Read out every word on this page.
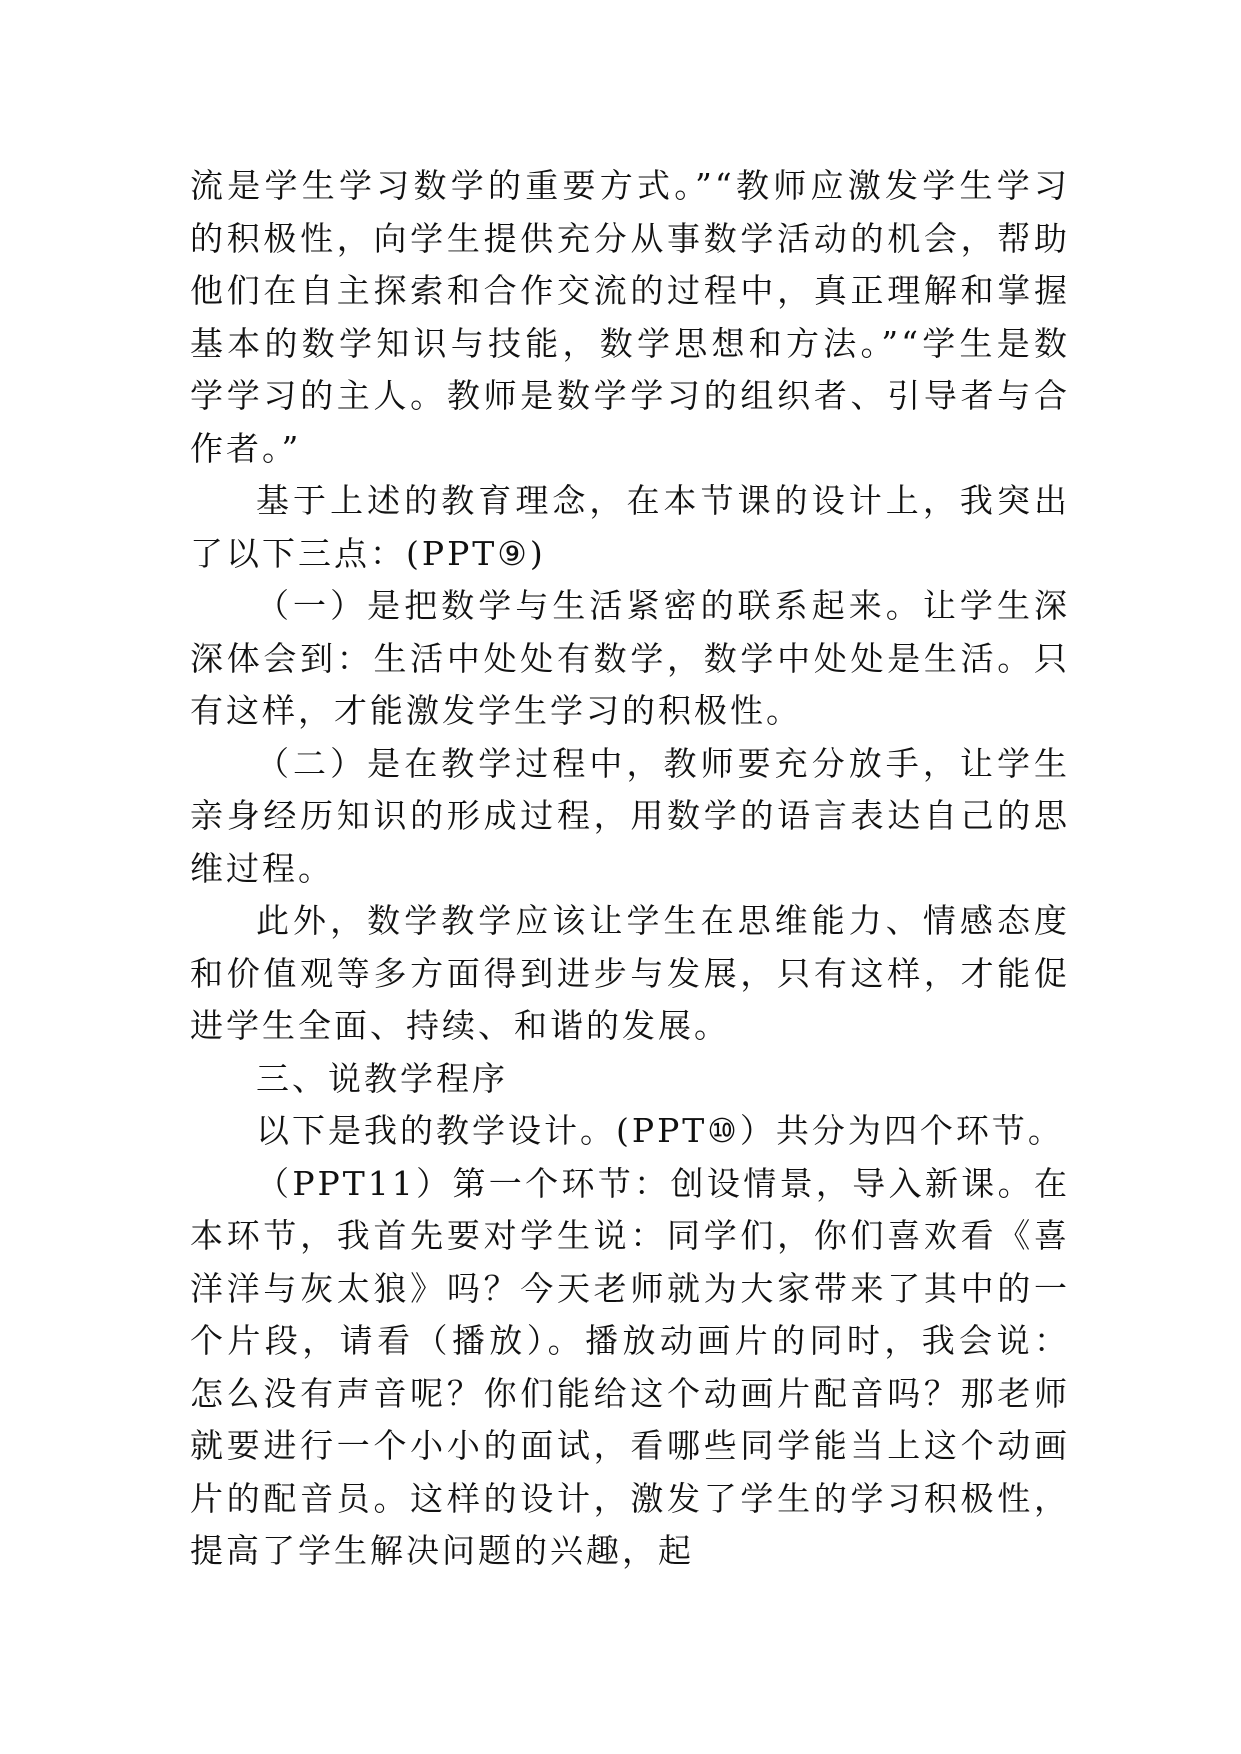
流是学生学习数学的重要方式。”“教师应激发学生学习的积极性，向学生提供充分从事数学活动的机会，帮助他们在自主探索和合作交流的过程中，真正理解和掌握基本的数学知识与技能，数学思想和方法。”“学生是数学学习的主人。教师是数学学习的组织者、引导者与合作者。”

基于上述的教育理念，在本节课的设计上，我突出了以下三点：(PPT⑨)

（一）是把数学与生活紧密的联系起来。让学生深深体会到：生活中处处有数学，数学中处处是生活。只有这样，才能激发学生学习的积极性。

（二）是在教学过程中，教师要充分放手，让学生亲身经历知识的形成过程，用数学的语言表达自己的思维过程。

此外，数学教学应该让学生在思维能力、情感态度和价值观等多方面得到进步与发展，只有这样，才能促进学生全面、持续、和谐的发展。

三、说教学程序

以下是我的教学设计。(PPT⑩）共分为四个环节。

（PPT11）第一个环节：创设情景，导入新课。在本环节，我首先要对学生说：同学们，你们喜欢看《喜洋洋与灰太狼》吗？今天老师就为大家带来了其中的一个片段，请看（播放）。播放动画片的同时，我会说：怎么没有声音呢？你们能给这个动画片配音吗？那老师就要进行一个小小的面试，看哪些同学能当上这个动画片的配音员。这样的设计，激发了学生的学习积极性，提高了学生解决问题的兴趣，起
